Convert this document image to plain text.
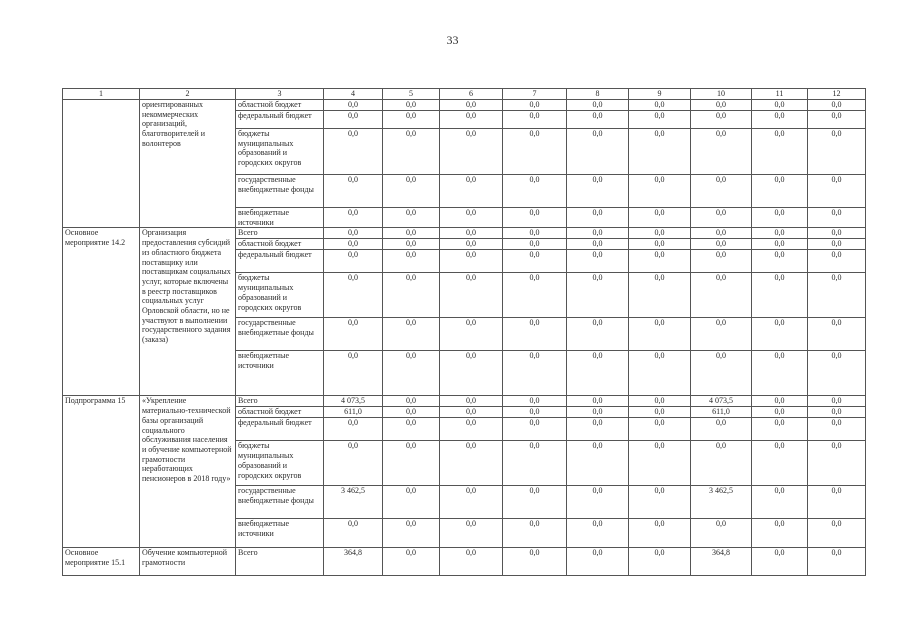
33
1	2	3	4	5	6	7	8	9	10	11	12
	ориентированных некоммерческих организаций, благотворителей и волонтеров	областной бюджет	0,0	0,0	0,0	0,0	0,0	0,0	0,0	0,0	0,0
		федеральный бюджет	0,0	0,0	0,0	0,0	0,0	0,0	0,0	0,0	0,0
		бюджеты муниципальных образований и городских округов	0,0	0,0	0,0	0,0	0,0	0,0	0,0	0,0	0,0
		государственные внебюджетные фонды	0,0	0,0	0,0	0,0	0,0	0,0	0,0	0,0	0,0
		внебюджетные источники	0,0	0,0	0,0	0,0	0,0	0,0	0,0	0,0	0,0
Основное мероприятие 14.2	Организация предоставления субсидий из областного бюджета поставщику или поставщикам социальных услуг, которые включены в реестр поставщиков социальных услуг Орловской области, но не участвуют в выполнении государственного задания (заказа)	Всего	0,0	0,0	0,0	0,0	0,0	0,0	0,0	0,0	0,0
		областной бюджет	0,0	0,0	0,0	0,0	0,0	0,0	0,0	0,0	0,0
		федеральный бюджет	0,0	0,0	0,0	0,0	0,0	0,0	0,0	0,0	0,0
		бюджеты муниципальных образований и городских округов	0,0	0,0	0,0	0,0	0,0	0,0	0,0	0,0	0,0
		государственные внебюджетные фонды	0,0	0,0	0,0	0,0	0,0	0,0	0,0	0,0	0,0
		внебюджетные источники	0,0	0,0	0,0	0,0	0,0	0,0	0,0	0,0	0,0
Подпрограмма 15	«Укрепление материально-технической базы организаций социального обслуживания населения и обучение компьютерной грамотности неработающих пенсионеров в 2018 году»	Всего	4 073,5	0,0	0,0	0,0	0,0	0,0	4 073,5	0,0	0,0
		областной бюджет	611,0	0,0	0,0	0,0	0,0	0,0	611,0	0,0	0,0
		федеральный бюджет	0,0	0,0	0,0	0,0	0,0	0,0	0,0	0,0	0,0
		бюджеты муниципальных образований и городских округов	0,0	0,0	0,0	0,0	0,0	0,0	0,0	0,0	0,0
		государственные внебюджетные фонды	3 462,5	0,0	0,0	0,0	0,0	0,0	3 462,5	0,0	0,0
		внебюджетные источники	0,0	0,0	0,0	0,0	0,0	0,0	0,0	0,0	0,0
Основное мероприятие 15.1	Обучение компьютерной грамотности	Всего	364,8	0,0	0,0	0,0	0,0	0,0	364,8	0,0	0,0
